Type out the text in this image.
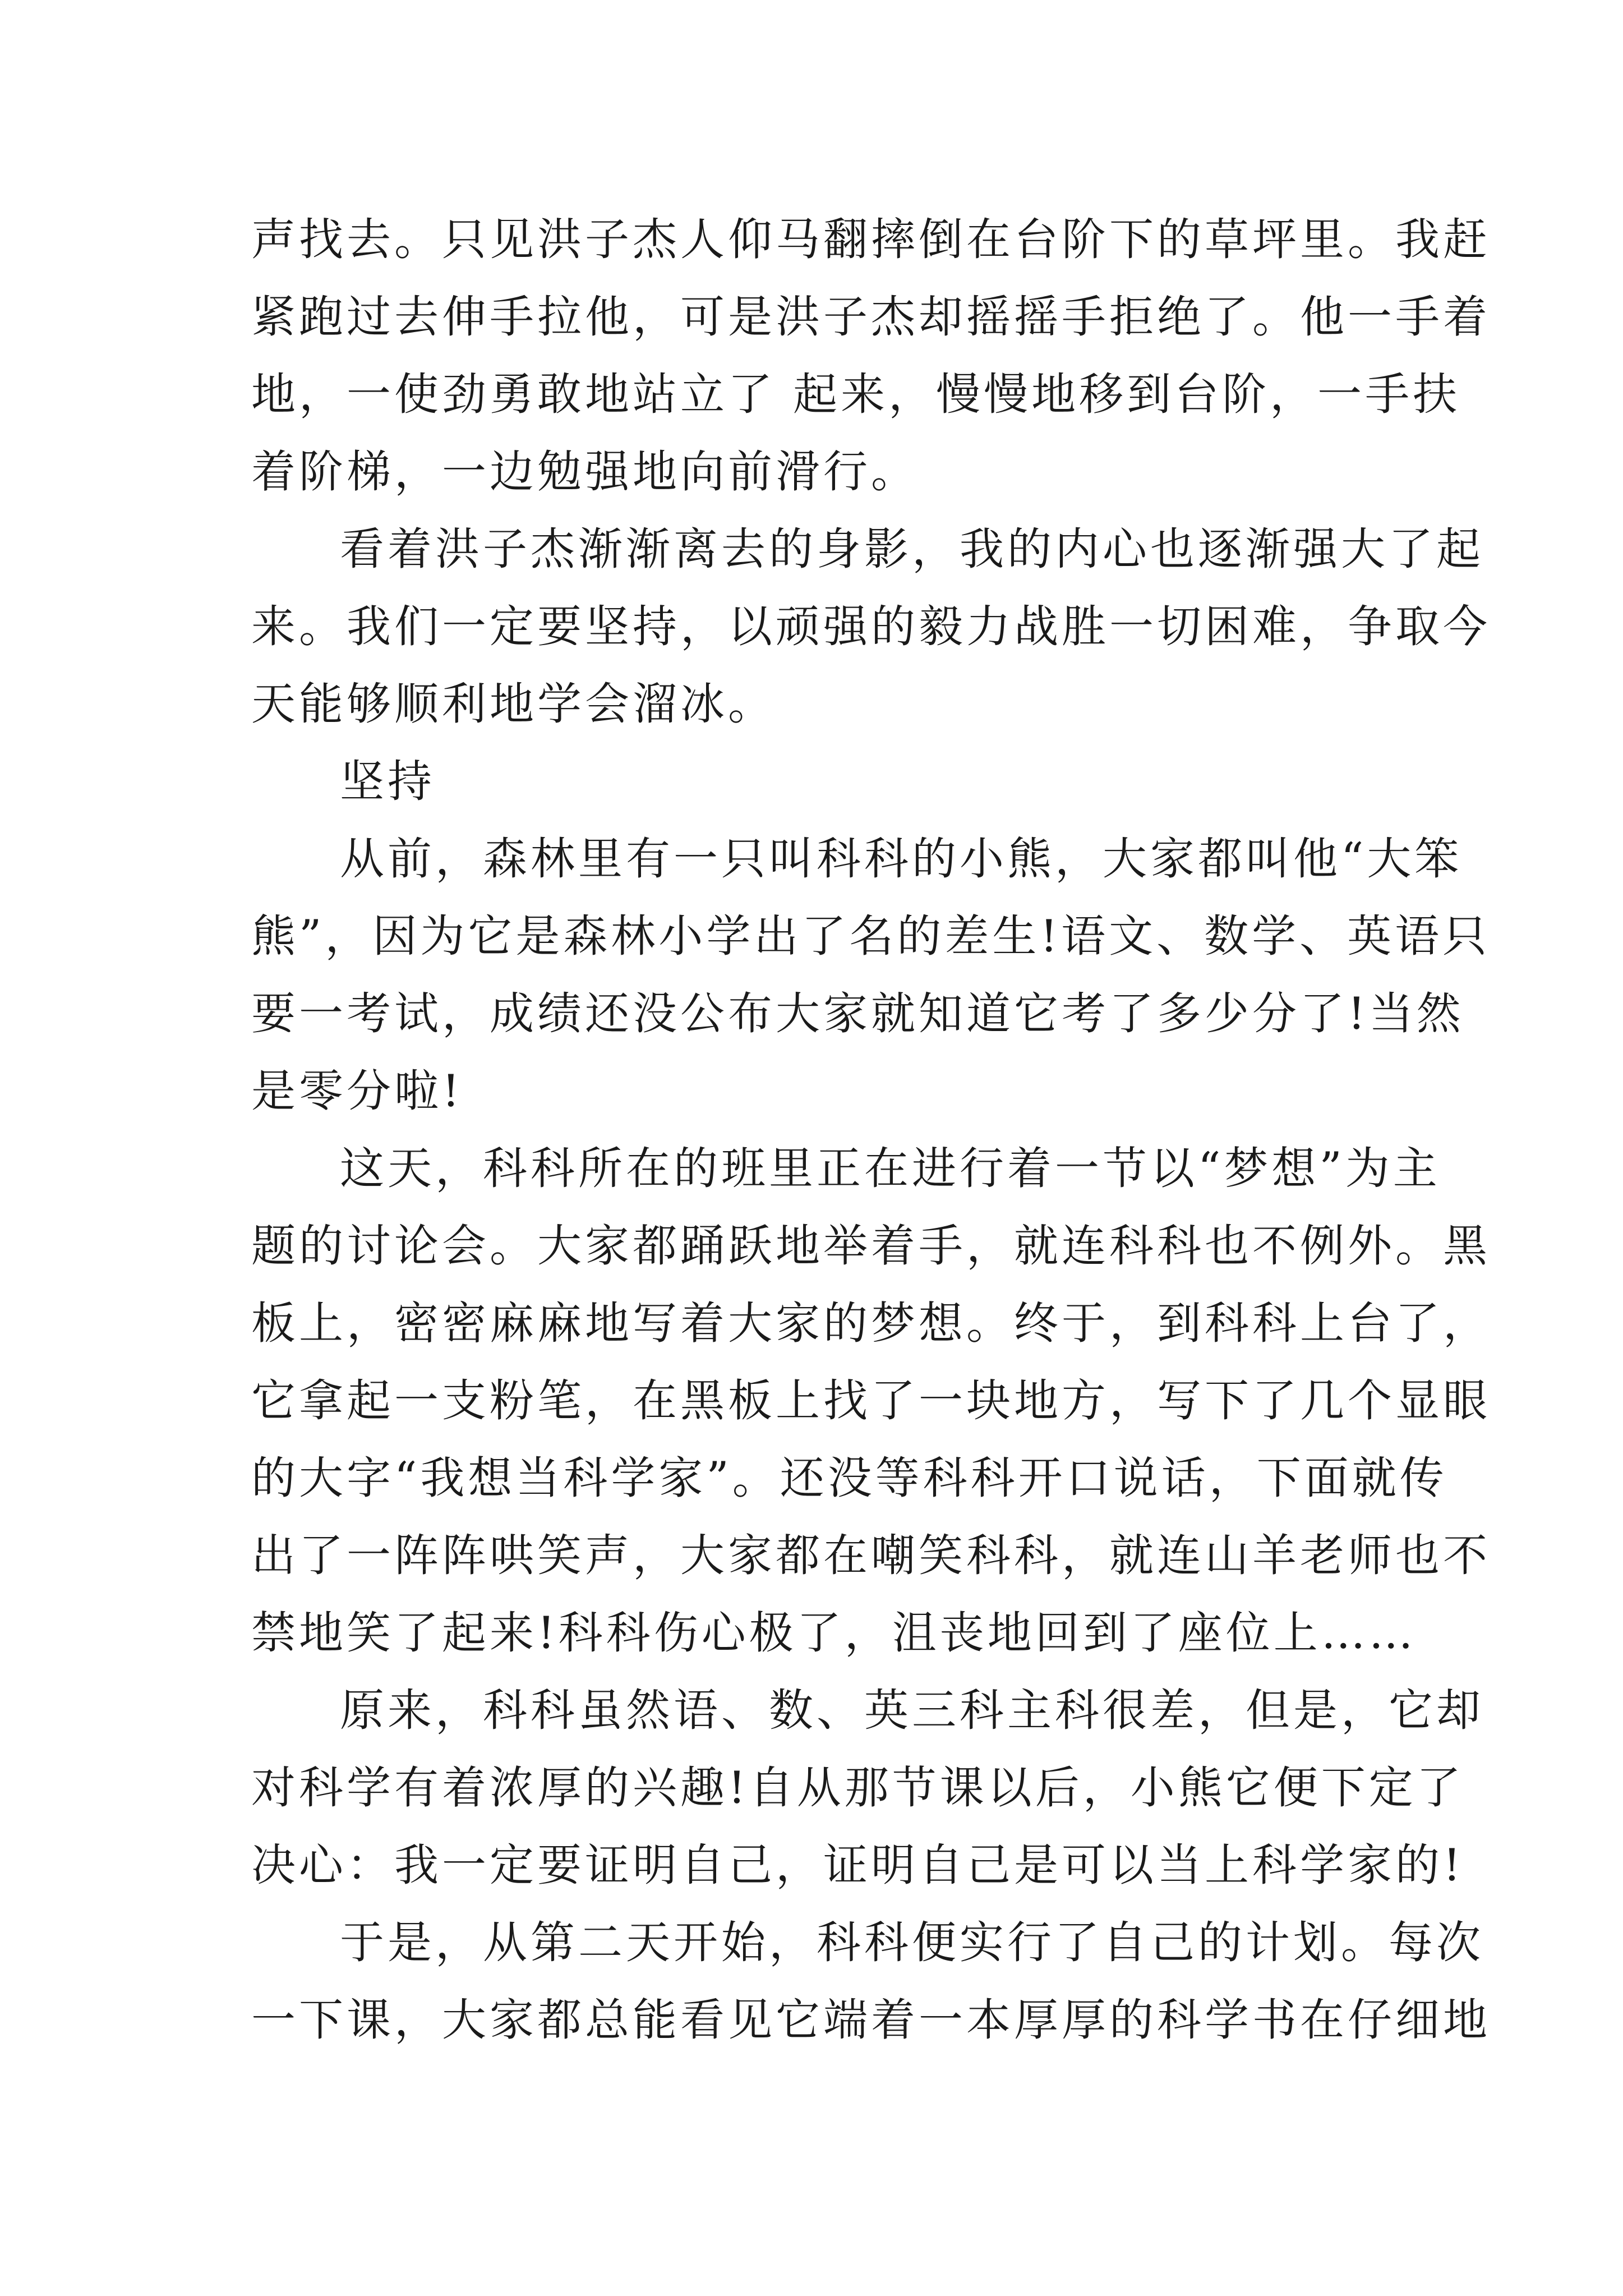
声找去。只见洪子杰人仰马翻摔倒在台阶下的草坪里。我赶
紧跑过去伸手拉他，可是洪子杰却摇摇手拒绝了。他一手着
地，一使劲勇敢地站立了 起来，慢慢地移到台阶，一手扶
着阶梯，一边勉强地向前滑行。
看着洪子杰渐渐离去的身影，我的内心也逐渐强大了起
来。我们一定要坚持，以顽强的毅力战胜一切困难，争取今
天能够顺利地学会溜冰。
坚持
从前，森林里有一只叫科科的小熊，大家都叫他“大笨
熊”，因为它是森林小学出了名的差生!语文、数学、英语只
要一考试，成绩还没公布大家就知道它考了多少分了!当然
是零分啦!
这天，科科所在的班里正在进行着一节以“梦想”为主
题的讨论会。大家都踊跃地举着手，就连科科也不例外。黑
板上，密密麻麻地写着大家的梦想。终于，到科科上台了，
它拿起一支粉笔，在黑板上找了一块地方，写下了几个显眼
的大字“我想当科学家”。还没等科科开口说话，下面就传
出了一阵阵哄笑声，大家都在嘲笑科科，就连山羊老师也不
禁地笑了起来!科科伤心极了，沮丧地回到了座位上……
原来，科科虽然语、数、英三科主科很差，但是，它却
对科学有着浓厚的兴趣!自从那节课以后，小熊它便下定了
决心：我一定要证明自己，证明自己是可以当上科学家的!
于是，从第二天开始，科科便实行了自己的计划。每次
一下课，大家都总能看见它端着一本厚厚的科学书在仔细地
